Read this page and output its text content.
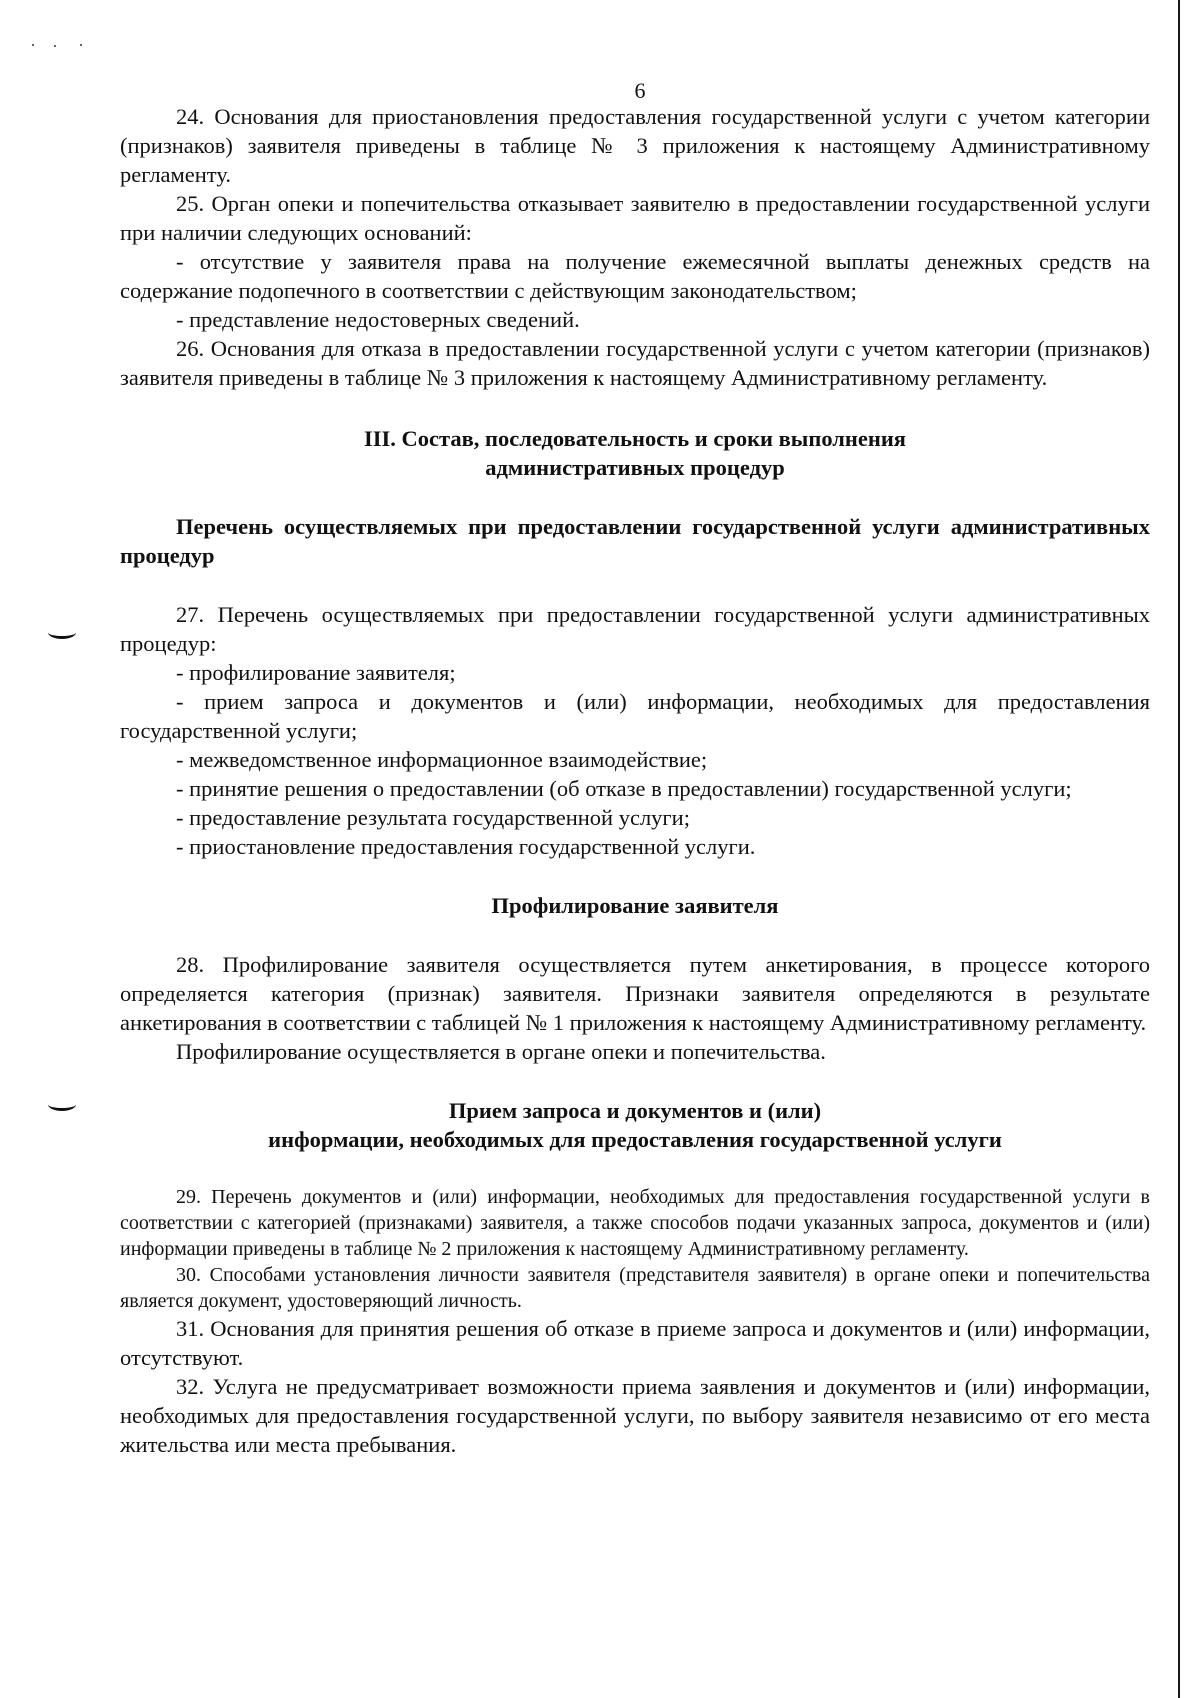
6

24. Основания для приостановления предоставления государственной услуги с учетом категории (признаков) заявителя приведены в таблице № 3 приложения к настоящему Административному регламенту.

25. Орган опеки и попечительства отказывает заявителю в предоставлении государственной услуги при наличии следующих оснований:

- отсутствие у заявителя права на получение ежемесячной выплаты денежных средств на содержание подопечного в соответствии с действующим законодательством;

- представление недостоверных сведений.

26. Основания для отказа в предоставлении государственной услуги с учетом категории (признаков) заявителя приведены в таблице № 3 приложения к настоящему Административному регламенту.

III. Состав, последовательность и сроки выполнения
административных процедур

Перечень осуществляемых при предоставлении государственной услуги административных процедур

27. Перечень осуществляемых при предоставлении государственной услуги административных процедур:

- профилирование заявителя;

- прием запроса и документов и (или) информации, необходимых для предоставления государственной услуги;

- межведомственное информационное взаимодействие;

- принятие решения о предоставлении (об отказе в предоставлении) государственной услуги;

- предоставление результата государственной услуги;

- приостановление предоставления государственной услуги.

Профилирование заявителя

28. Профилирование заявителя осуществляется путем анкетирования, в процессе которого определяется категория (признак) заявителя. Признаки заявителя определяются в результате анкетирования в соответствии с таблицей № 1 приложения к настоящему Административному регламенту.

Профилирование осуществляется в органе опеки и попечительства.

Прием запроса и документов и (или)
информации, необходимых для предоставления государственной услуги

29. Перечень документов и (или) информации, необходимых для предоставления государственной услуги в соответствии с категорией (признаками) заявителя, а также способов подачи указанных запроса, документов и (или) информации приведены в таблице № 2 приложения к настоящему Административному регламенту.

30. Способами установления личности заявителя (представителя заявителя) в органе опеки и попечительства является документ, удостоверяющий личность.

31. Основания для принятия решения об отказе в приеме запроса и документов и (или) информации, отсутствуют.

32. Услуга не предусматривает возможности приема заявления и документов и (или) информации, необходимых для предоставления государственной услуги, по выбору заявителя независимо от его места жительства или места пребывания.
